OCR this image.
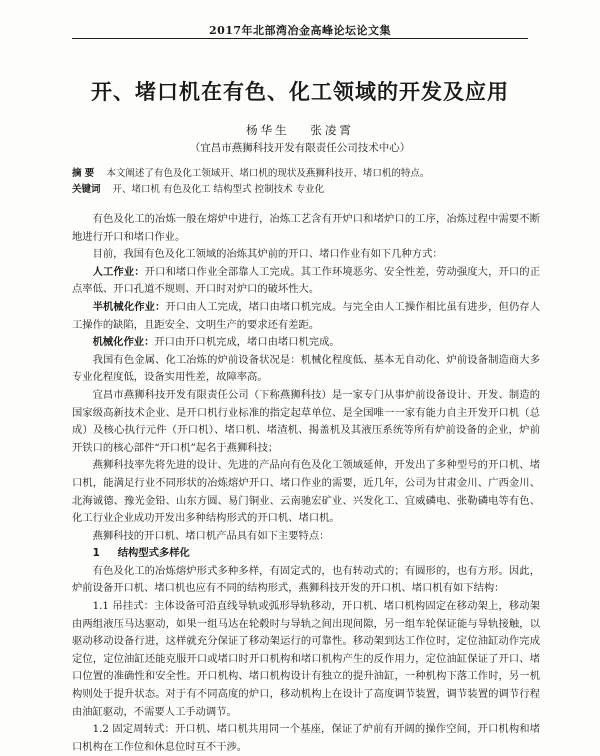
2017年北部湾冶金高峰论坛论文集
开、堵口机在有色、化工领域的开发及应用
杨华生 张凌霄
（宜昌市燕狮科技开发有限责任公司技术中心）
摘 要 本文阐述了有色及化工领域开、堵口机的现状及燕狮科技开、堵口机的特点。
关键词 开、堵口机 有色及化工 结构型式 控制技术 专业化

有色及化工的冶炼一般在熔炉中进行，冶炼工艺含有开炉口和堵炉口的工序，冶炼过程中需要不断地进行开口和堵口作业。

目前，我国有色及化工领域的冶炼其炉前的开口、堵口作业有如下几种方式：

人工作业：开口和堵口作业全部靠人工完成。其工作环境恶劣、安全性差，劳动强度大，开口的正点率低、开口孔道不规则、开口时对炉口的破坏性大。

半机械化作业：开口由人工完成，堵口由堵口机完成。与完全由人工操作相比虽有进步，但仍存人工操作的缺陷，且距安全、文明生产的要求还有差距。

机械化作业：开口由开口机完成，堵口由堵口机完成。

我国有色金属、化工冶炼的炉前设备状况是：机械化程度低、基本无自动化、炉前设备制造商大多专业化程度低，设备实用性差，故障率高。

宜昌市燕狮科技开发有限责任公司（下称燕狮科技）是一家专门从事炉前设备设计、开发、制造的国家级高新技术企业、是开口机行业标准的指定起草单位、是全国唯一一家有能力自主开发开口机（总成）及核心执行元件（开口机）、堵口机、堵渣机、揭盖机及其液压系统等所有炉前设备的企业，炉前开铁口的核心部件“开口机”起名于燕狮科技；

燕狮科技率先将先进的设计、先进的产品向有色及化工领域延伸，开发出了多种型号的开口机、堵口机，能满足行业不同形状的冶炼熔炉开口、堵口作业的需要，近几年，公司为甘肃金川、广西金川、北海诚德、豫光金铅、山东方圆、易门铜业、云南驰宏矿业、兴发化工、宜威磷电、张勒磷电等有色、化工行业企业成功开发出多种结构形式的开口机、堵口机。

燕狮科技的开口机、堵口机产品具有如下主要特点：

1 结构型式多样化

有色及化工的冶炼熔炉形式多种多样，有固定式的，也有转动式的；有圆形的，也有方形。因此，炉前设备开口机、堵口机也应有不同的结构形式，燕狮科技开发的开口机、堵口机有如下结构：

1.1 吊挂式：主体设备可沿直线导轨或弧形导轨移动，开口机、堵口机构固定在移动架上，移动架由两组液压马达驱动，如果一组马达在轮毂时与导轨之间出现间隙，另一组车轮保证能与导轨接触，以驱动移动设备行进，这样就充分保证了移动架运行的可靠性。移动架到达工作位时，定位油缸动作完成定位，定位油缸还能克服开口或堵口时开口机构和堵口机构产生的反作用力，定位油缸保证了开口、堵口位置的准确性和安全性。开口机构、堵口机构设计有独立的提升油缸，一种机构下落工作时，另一机构则处于提升状态。对于有不同高度的炉口，移动机构上在设计了高度调节装置，调节装置的调节行程由油缸驱动，不需要人工手动调节。

1.2 固定周转式：开口机、堵口机共用同一个基座，保证了炉前有开阔的操作空间，开口机构和堵口机构在工作位和休息位时互不干涉。
